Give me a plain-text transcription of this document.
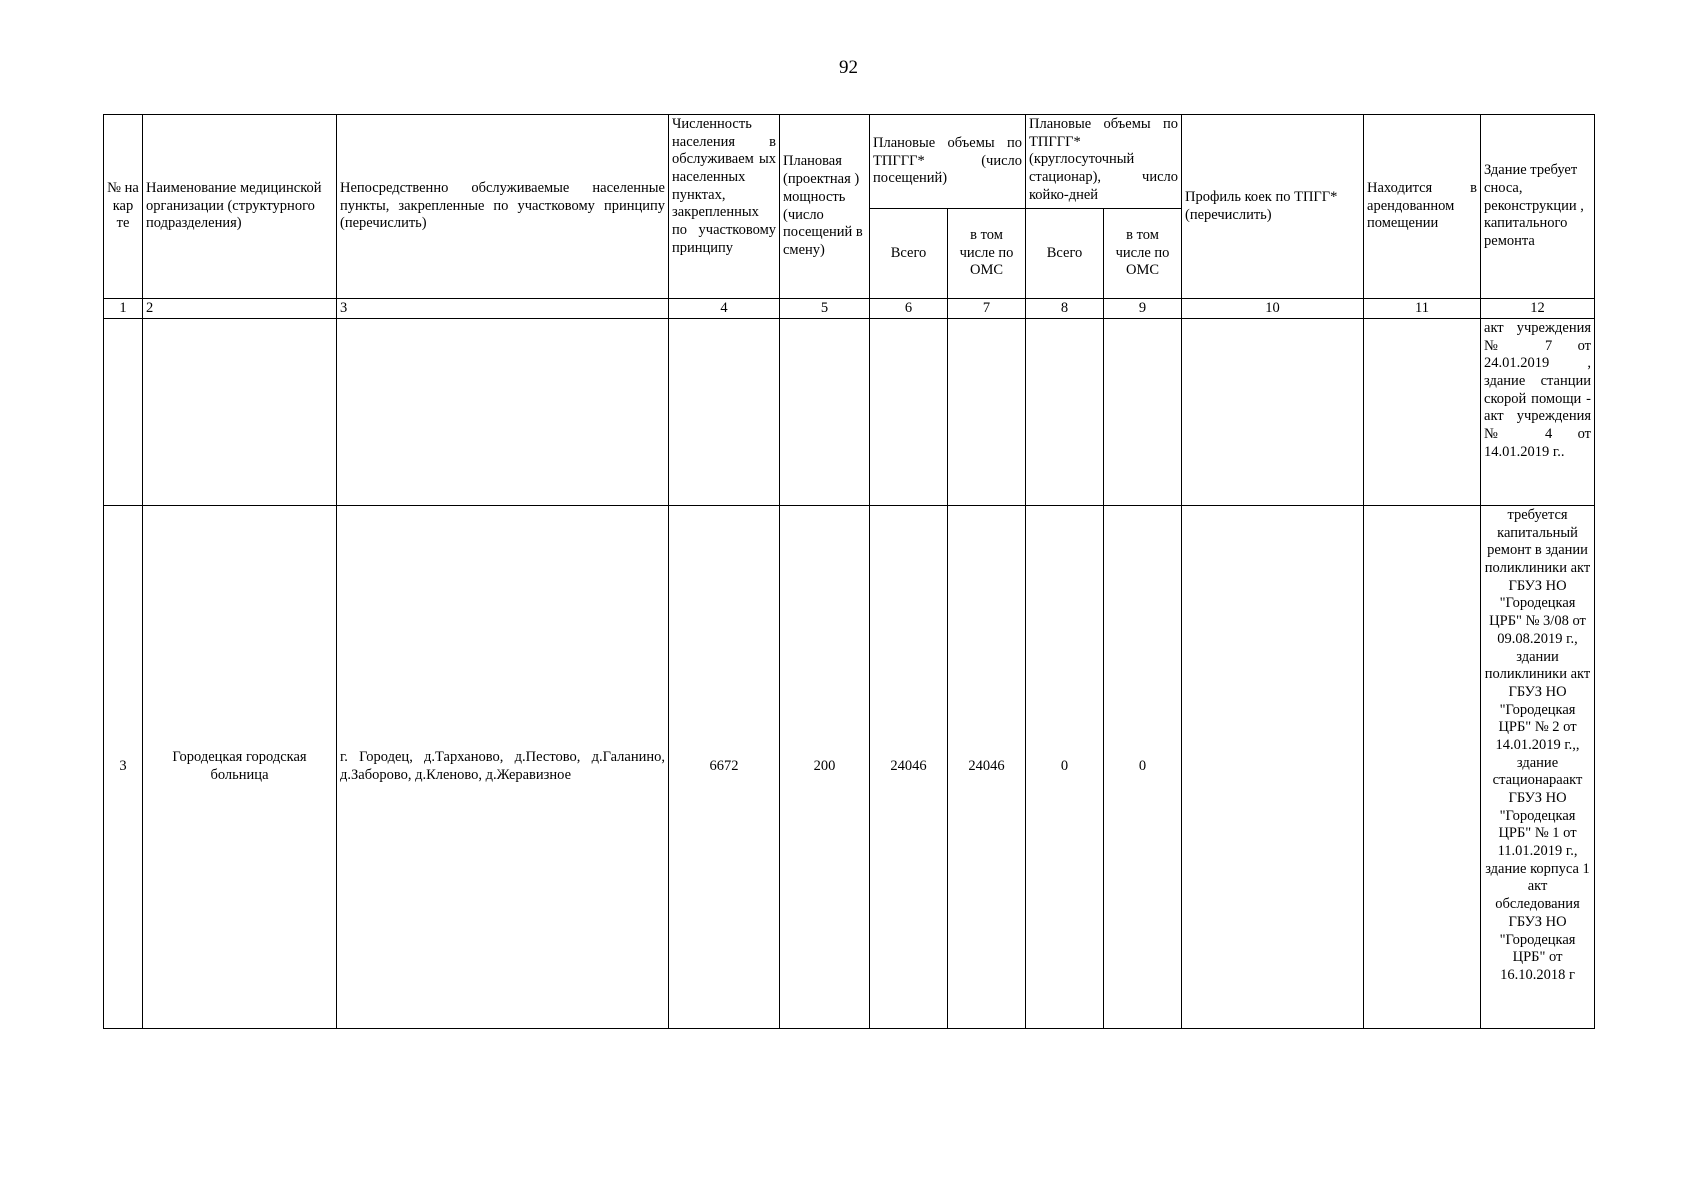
92
№ на кар те	Наименование медицинской организации (структурного подразделения)	Непосредственно обслуживаемые населенные пункты, закрепленные по участковому принципу (перечислить)	Численность населения в обслуживаем ых населенных пунктах, закрепленных по участковому принципу	Плановая (проектная ) мощность (число посещений в смену)	Плановые объемы по ТПГГГ* (число посещений)		Плановые объемы по ТПГГГ* (круглосуточный стационар), число койко-дней		Профиль коек по ТПГГ* (перечислить)	Находится в арендованном помещении	Здание требует сноса, реконструкции , капитального ремонта
					Всего	в том числе по ОМС	Всего	в том числе по ОМС			
1	2	3	4	5	6	7	8	9	10	11	12
											акт учреждения № 7 от 24.01.2019 , здание станции скорой помощи - акт учреждения № 4 от 14.01.2019 г..
3	Городецкая городская больница	г. Городец, д.Тарханово, д.Пестово, д.Галанино, д.Заборово, д.Кленово, д.Жеравизное	6672	200	24046	24046	0	0			требуется капитальный ремонт в здании поликлиники акт ГБУЗ НО "Городецкая ЦРБ" № 3/08 от 09.08.2019 г., здании поликлиники акт ГБУЗ НО "Городецкая ЦРБ" № 2 от 14.01.2019 г.,, здание стационараакт ГБУЗ НО "Городецкая ЦРБ" № 1 от 11.01.2019 г., здание корпуса 1 акт обследования ГБУЗ НО "Городецкая ЦРБ" от 16.10.2018 г
